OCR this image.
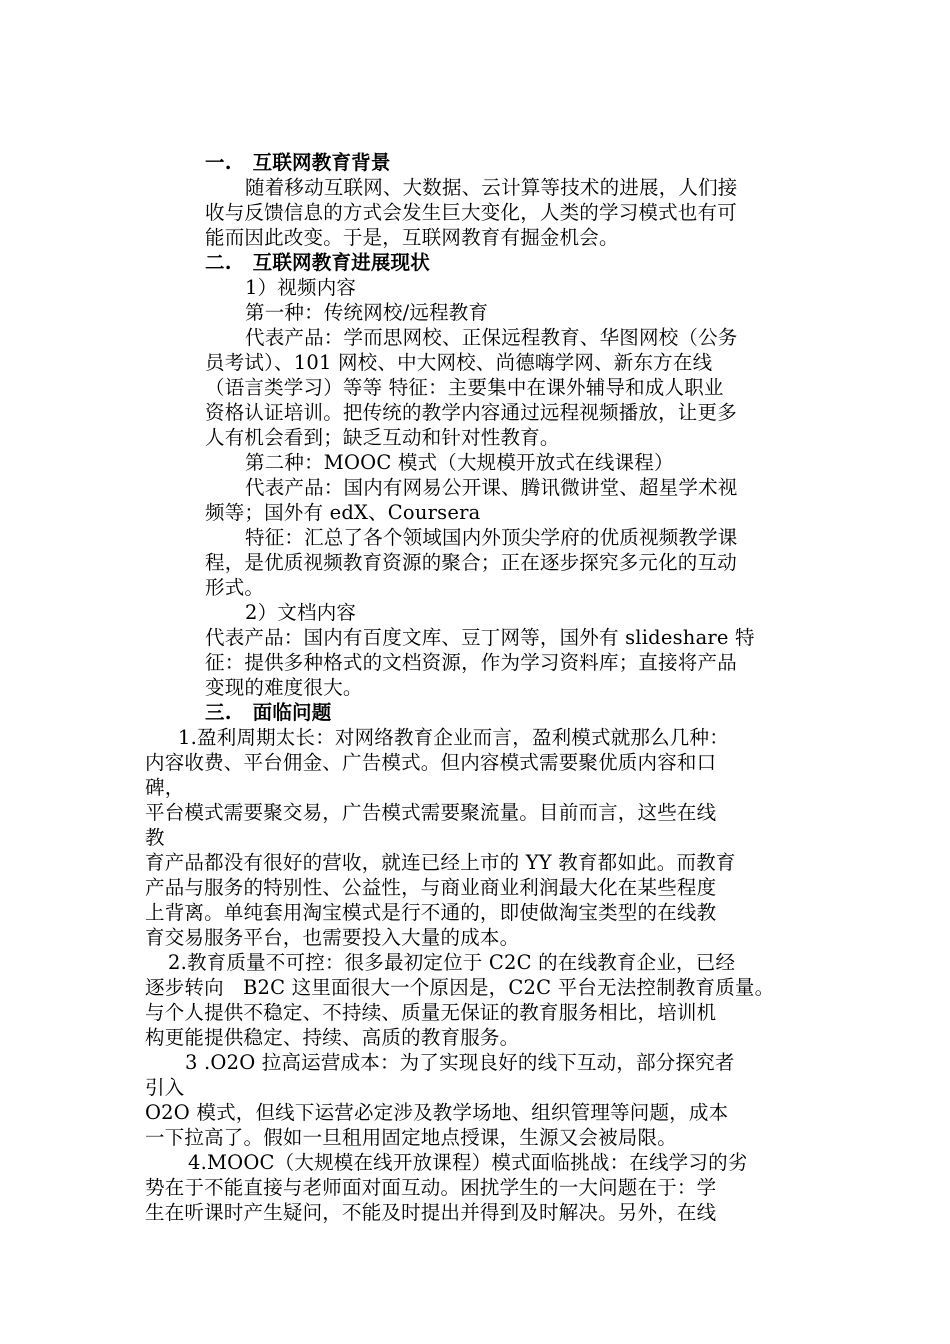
一.   互联网教育背景
随着移动互联网、大数据、云计算等技术的进展，人们接
收与反馈信息的方式会发生巨大变化，人类的学习模式也有可
能而因此改变。于是，互联网教育有掘金机会。
二.   互联网教育进展现状
1）视频内容
第一种：传统网校/远程教育
代表产品：学而思网校、正保远程教育、华图网校（公务
员考试）、101 网校、中大网校、尚德嗨学网、新东方在线
（语言类学习）等等 特征：主要集中在课外辅导和成人职业
资格认证培训。把传统的教学内容通过远程视频播放，让更多
人有机会看到；缺乏互动和针对性教育。
第二种：MOOC 模式（大规模开放式在线课程）
代表产品：国内有网易公开课、腾讯微讲堂、超星学术视
频等；国外有 edX、Coursera
特征：汇总了各个领域国内外顶尖学府的优质视频教学课
程，是优质视频教育资源的聚合；正在逐步探究多元化的互动
形式。
2）文档内容
代表产品：国内有百度文库、豆丁网等，国外有 slideshare 特
征：提供多种格式的文档资源，作为学习资料库；直接将产品
变现的难度很大。
三.   面临问题
1.盈利周期太长：对网络教育企业而言，盈利模式就那么几种：
内容收费、平台佣金、广告模式。但内容模式需要聚优质内容和口
碑，
平台模式需要聚交易，广告模式需要聚流量。目前而言，这些在线
教
育产品都没有很好的营收，就连已经上市的 YY 教育都如此。而教育
产品与服务的特别性、公益性，与商业商业利润最大化在某些程度
上背离。单纯套用淘宝模式是行不通的，即使做淘宝类型的在线教
育交易服务平台，也需要投入大量的成本。
2.教育质量不可控：很多最初定位于 C2C 的在线教育企业，已经
逐步转向   B2C 这里面很大一个原因是，C2C 平台无法控制教育质量。
与个人提供不稳定、不持续、质量无保证的教育服务相比，培训机
构更能提供稳定、持续、高质的教育服务。
3 .O2O 拉高运营成本：为了实现良好的线下互动，部分探究者
引入
O2O 模式，但线下运营必定涉及教学场地、组织管理等问题，成本
一下拉高了。假如一旦租用固定地点授课，生源又会被局限。
4.MOOC（大规模在线开放课程）模式面临挑战：在线学习的劣
势在于不能直接与老师面对面互动。困扰学生的一大问题在于：学
生在听课时产生疑问，不能及时提出并得到及时解决。另外，在线
